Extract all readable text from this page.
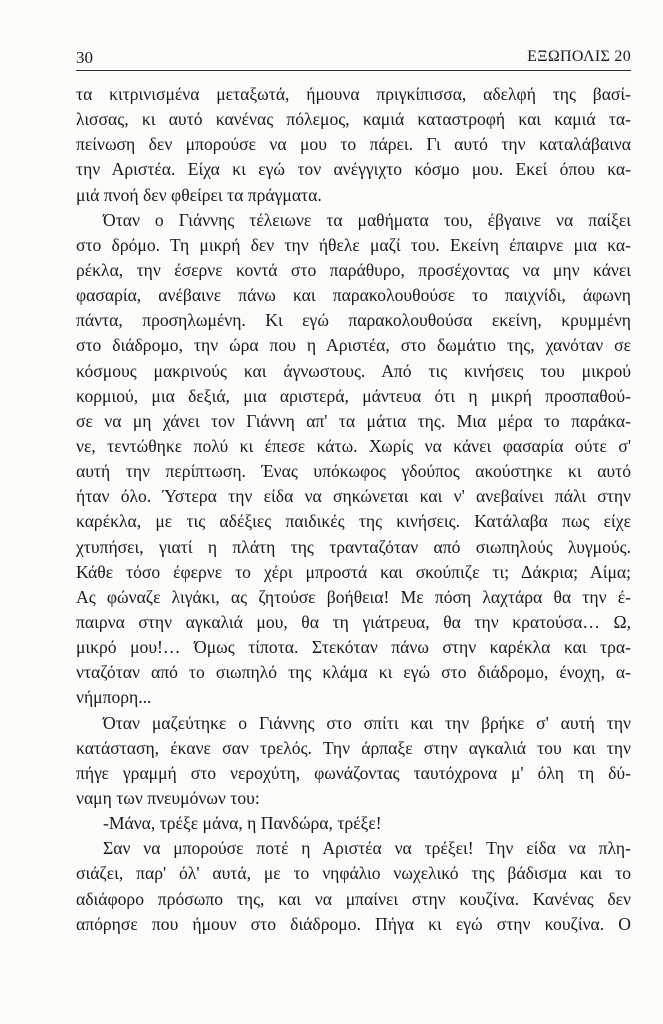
30	ΕΞΩΠΟΛΙΣ 20
τα κιτρινισμένα μεταξωτά, ήμουνα πριγκίπισσα, αδελφή της βασί-
λισσας, κι αυτό κανένας πόλεμος, καμιά καταστροφή και καμιά τα-
πείνωση δεν μπορούσε να μου το πάρει. Γι αυτό την καταλάβαινα
την Αριστέα. Είχα κι εγώ τον ανέγγιχτο κόσμο μου. Εκεί όπου κα-
μιά πνοή δεν φθείρει τα πράγματα.
Όταν ο Γιάννης τέλειωνε τα μαθήματα του, έβγαινε να παίξει
στο δρόμο. Τη μικρή δεν την ήθελε μαζί του. Εκείνη έπαιρνε μια κα-
ρέκλα, την έσερνε κοντά στο παράθυρο, προσέχοντας να μην κάνει
φασαρία, ανέβαινε πάνω και παρακολουθούσε το παιχνίδι, άφωνη
πάντα, προσηλωμένη. Κι εγώ παρακολουθούσα εκείνη, κρυμμένη
στο διάδρομο, την ώρα που η Αριστέα, στο δωμάτιο της, χανόταν σε
κόσμους μακρινούς και άγνωστους. Από τις κινήσεις του μικρού
κορμιού, μια δεξιά, μια αριστερά, μάντευα ότι η μικρή προσπαθού-
σε να μη χάνει τον Γιάννη απ' τα μάτια της. Μια μέρα το παράκα-
νε, τεντώθηκε πολύ κι έπεσε κάτω. Χωρίς να κάνει φασαρία ούτε σ'
αυτή την περίπτωση. Ένας υπόκωφος γδούπος ακούστηκε κι αυτό
ήταν όλο. Ύστερα την είδα να σηκώνεται και ν' ανεβαίνει πάλι στην
καρέκλα, με τις αδέξιες παιδικές της κινήσεις. Κατάλαβα πως είχε
χτυπήσει, γιατί η πλάτη της τρανταζόταν από σιωπηλούς λυγμούς.
Κάθε τόσο έφερνε το χέρι μπροστά και σκούπιζε τι; Δάκρια; Αίμα;
Ας φώναζε λιγάκι, ας ζητούσε βοήθεια! Με πόση λαχτάρα θα την έ-
παιρνα στην αγκαλιά μου, θα τη γιάτρευα, θα την κρατούσα… Ω,
μικρό μου!… Όμως τίποτα. Στεκόταν πάνω στην καρέκλα και τρα-
νταζόταν από το σιωπηλό της κλάμα κι εγώ στο διάδρομο, ένοχη, α-
νήμπορη...
Όταν μαζεύτηκε ο Γιάννης στο σπίτι και την βρήκε σ' αυτή την
κατάσταση, έκανε σαν τρελός. Την άρπαξε στην αγκαλιά του και την
πήγε γραμμή στο νεροχύτη, φωνάζοντας ταυτόχρονα μ' όλη τη δύ-
ναμη των πνευμόνων του:
-Μάνα, τρέξε μάνα, η Πανδώρα, τρέξε!
Σαν να μπορούσε ποτέ η Αριστέα να τρέξει! Την είδα να πλη-
σιάζει, παρ' όλ' αυτά, με το νηφάλιο νωχελικό της βάδισμα και το
αδιάφορο πρόσωπο της, και να μπαίνει στην κουζίνα. Κανένας δεν
απόρησε που ήμουν στο διάδρομο. Πήγα κι εγώ στην κουζίνα. Ο
